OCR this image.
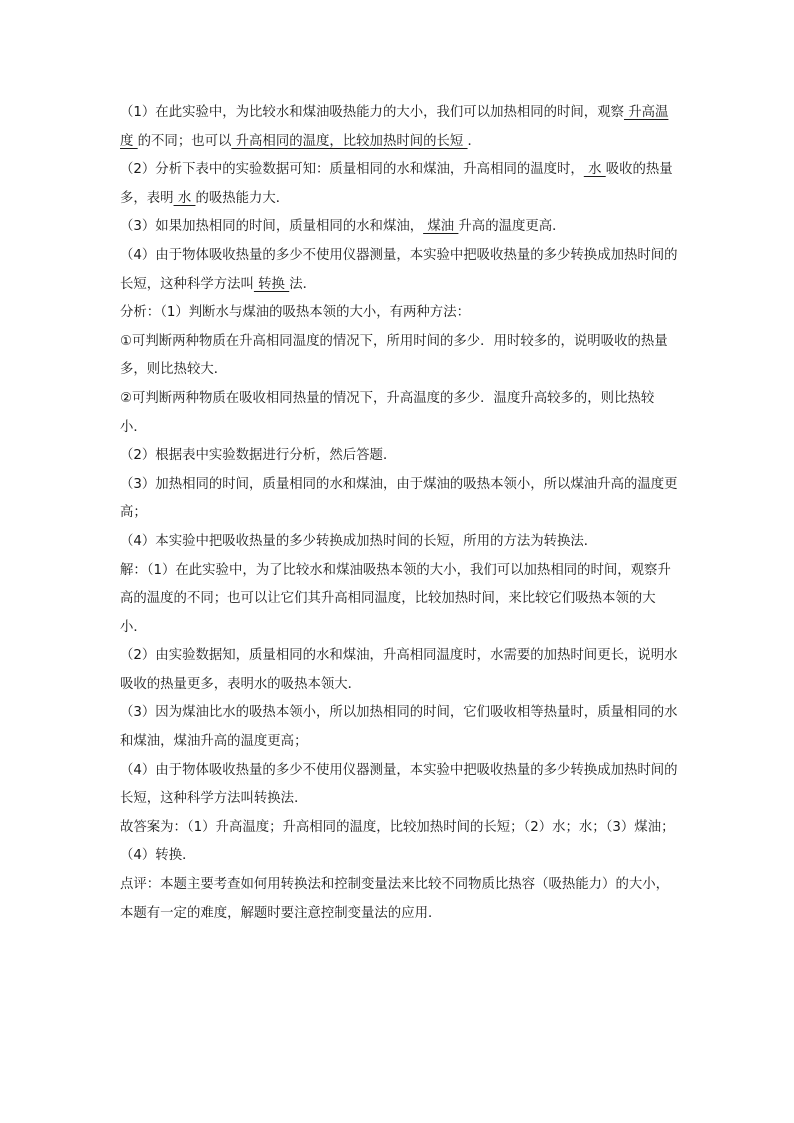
（1）在此实验中，为比较水和煤油吸热能力的大小，我们可以加热相同的时间，观察 升高温度 的不同；也可以 升高相同的温度，比较加热时间的长短 ．

（2）分析下表中的实验数据可知：质量相同的水和煤油，升高相同的温度时， 水 吸收的热量多，表明 水 的吸热能力大．

（3）如果加热相同的时间，质量相同的水和煤油， 煤油 升高的温度更高．

（4）由于物体吸收热量的多少不使用仪器测量，本实验中把吸收热量的多少转换成加热时间的长短，这种科学方法叫 转换 法．

分析：（1）判断水与煤油的吸热本领的大小，有两种方法：

①可判断两种物质在升高相同温度的情况下，所用时间的多少．用时较多的，说明吸收的热量多，则比热较大．

②可判断两种物质在吸收相同热量的情况下，升高温度的多少．温度升高较多的，则比热较小．

（2）根据表中实验数据进行分析，然后答题．

（3）加热相同的时间，质量相同的水和煤油，由于煤油的吸热本领小，所以煤油升高的温度更高；

（4）本实验中把吸收热量的多少转换成加热时间的长短，所用的方法为转换法．

解：（1）在此实验中，为了比较水和煤油吸热本领的大小，我们可以加热相同的时间，观察升高的温度的不同；也可以让它们其升高相同温度，比较加热时间，来比较它们吸热本领的大小．

（2）由实验数据知，质量相同的水和煤油，升高相同温度时，水需要的加热时间更长，说明水吸收的热量更多，表明水的吸热本领大．

（3）因为煤油比水的吸热本领小，所以加热相同的时间，它们吸收相等热量时，质量相同的水和煤油，煤油升高的温度更高；

（4）由于物体吸收热量的多少不使用仪器测量，本实验中把吸收热量的多少转换成加热时间的长短，这种科学方法叫转换法．

故答案为：（1）升高温度；升高相同的温度，比较加热时间的长短；（2）水；水；（3）煤油；（4）转换．

点评：本题主要考查如何用转换法和控制变量法来比较不同物质比热容（吸热能力）的大小，本题有一定的难度，解题时要注意控制变量法的应用．
